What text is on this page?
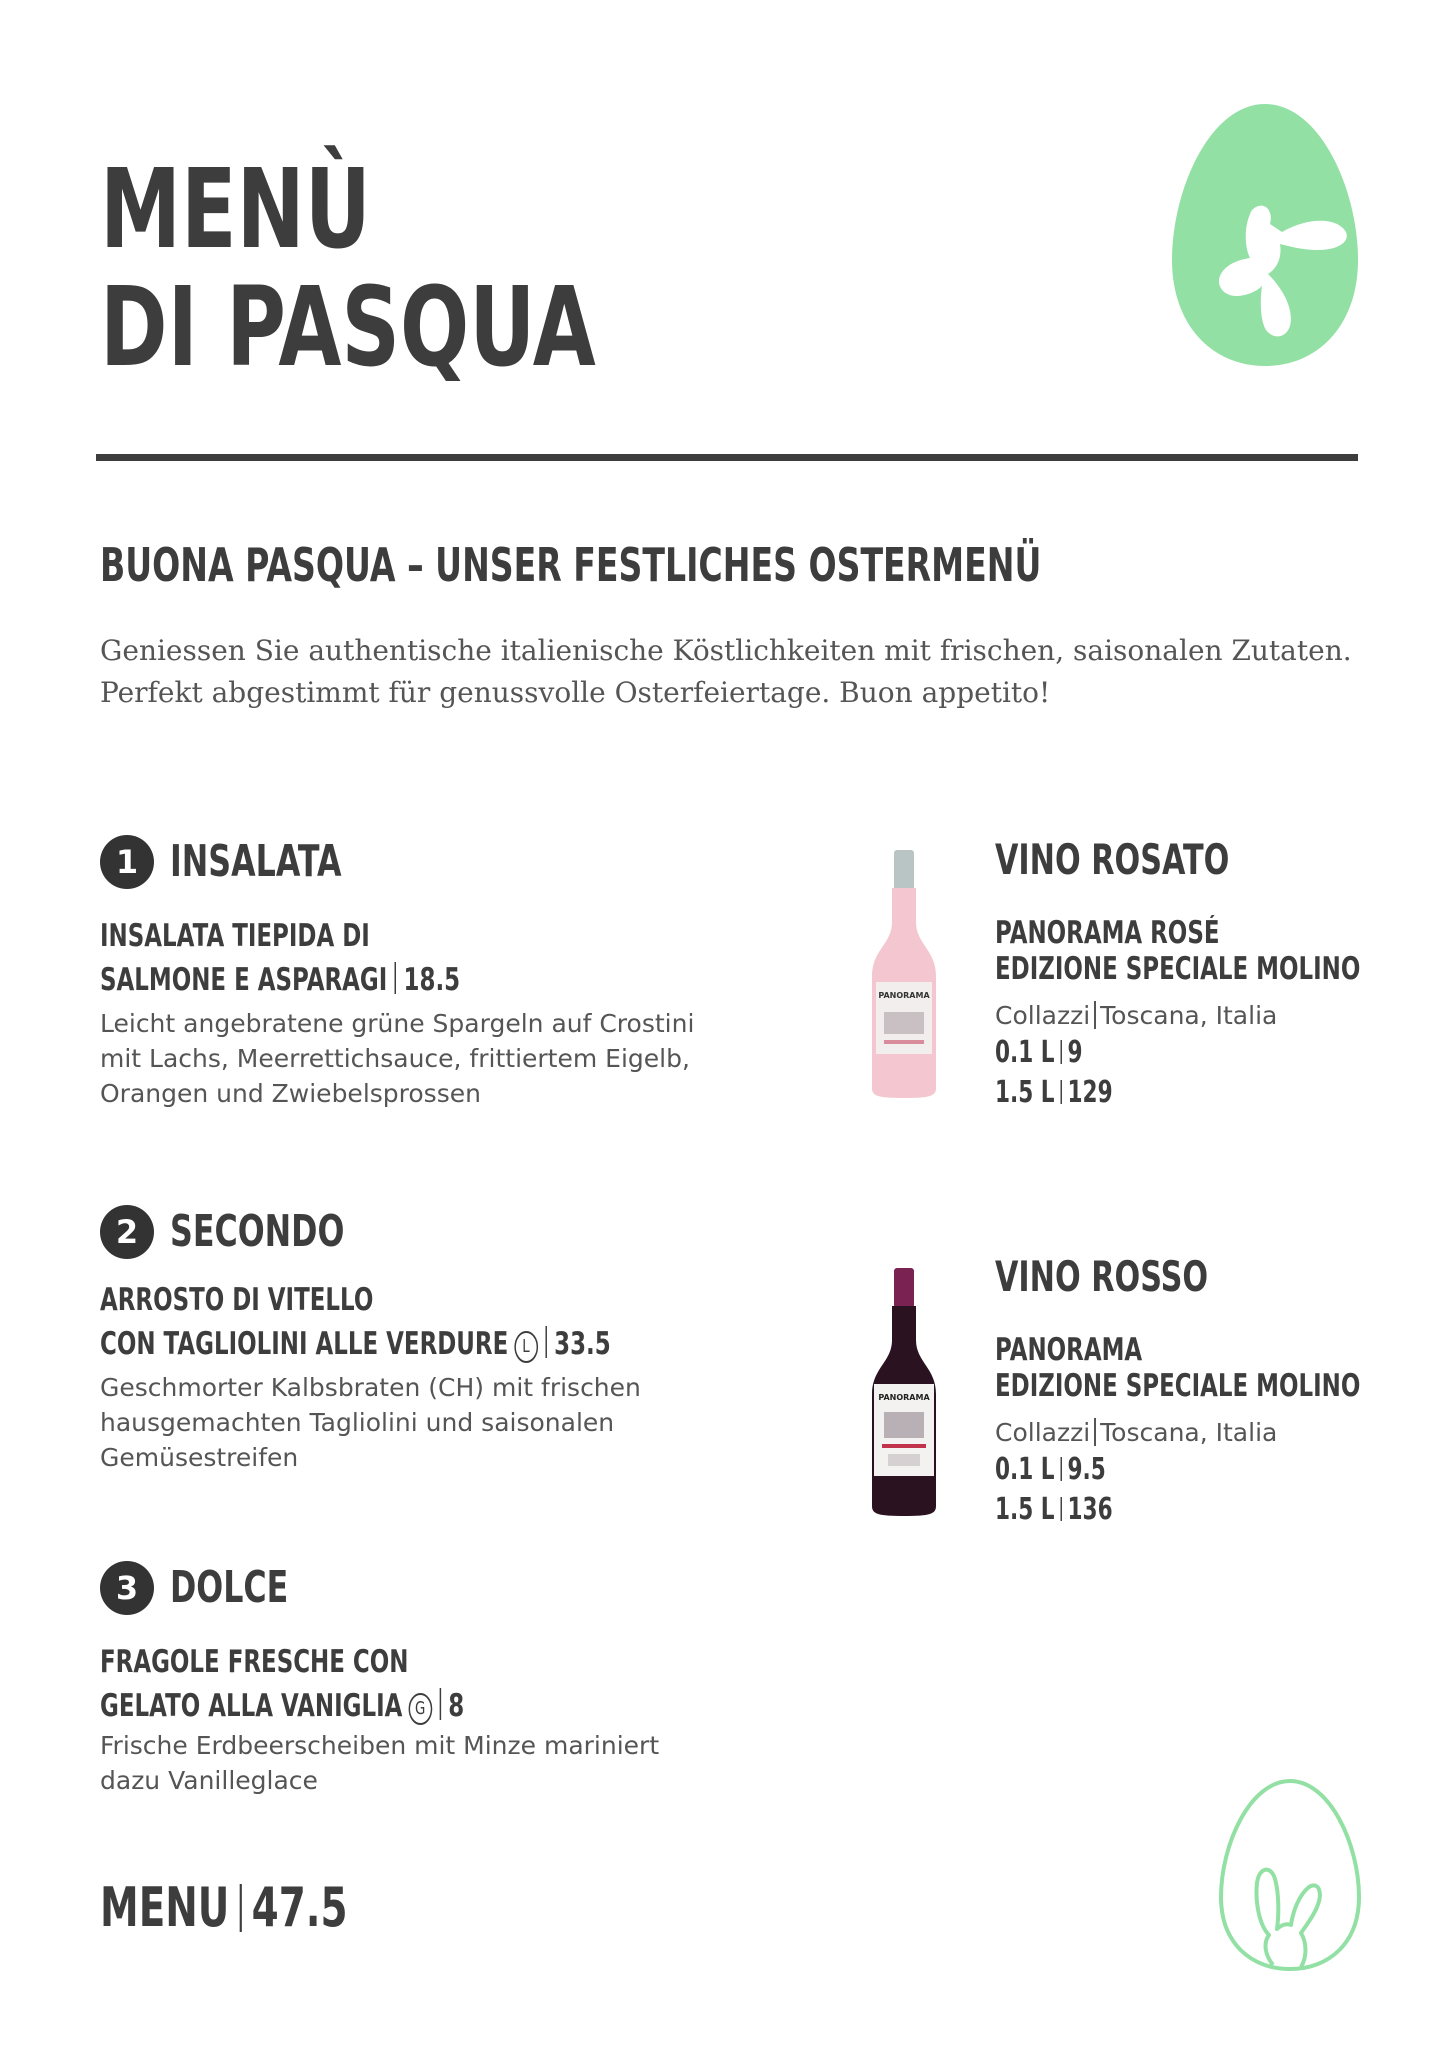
MENÙ
DI PASQUA
BUONA PASQUA – UNSER FESTLICHES OSTERMENÜ
Geniessen Sie authentische italienische Köstlichkeiten mit frischen, saisonalen Zutaten. Perfekt abgestimmt für genussvolle Osterfeiertage. Buon appetito!
1 INSALATA
INSALATA TIEPIDA DI
SALMONE E ASPARAGI 18.5
Leicht angebratene grüne Spargeln auf Crostini
mit Lachs, Meerrettichsauce, frittiertem Eigelb,
Orangen und Zwiebelsprossen
2 SECONDO
ARROSTO DI VITELLO
CON TAGLIOLINI ALLE VERDURE L 33.5
Geschmorter Kalbsbraten (CH) mit frischen
hausgemachten Tagliolini und saisonalen
Gemüsestreifen
3 DOLCE
FRAGOLE FRESCHE CON
GELATO ALLA VANIGLIA G 8
Frische Erdbeerscheiben mit Minze mariniert
dazu Vanilleglace
MENU 47.5
PANORAMA
VINO ROSATO
PANORAMA ROSÉ
EDIZIONE SPECIALE MOLINO
Collazzi Toscana, Italia
0.1 L 9
1.5 L 129
PANORAMA
VINO ROSSO
PANORAMA
EDIZIONE SPECIALE MOLINO
Collazzi Toscana, Italia
0.1 L 9.5
1.5 L 136
